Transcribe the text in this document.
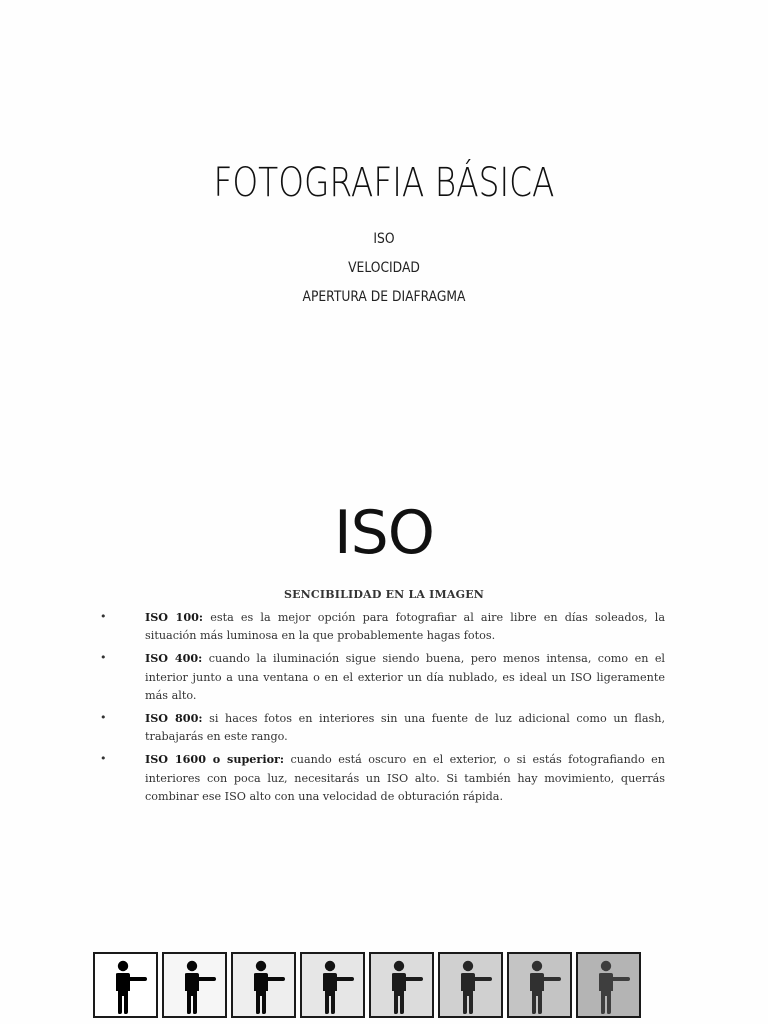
FOTOGRAFIA BÁSICA
ISO
VELOCIDAD
APERTURA DE DIAFRAGMA
ISO
SENCIBILIDAD EN LA IMAGEN
•	ISO 100: esta es la mejor opción para fotografiar al aire libre en días soleados, la situación más luminosa en la que probablemente hagas fotos.
•	ISO 400: cuando la iluminación sigue siendo buena, pero menos intensa, como en el interior junto a una ventana o en el exterior un día nublado, es ideal un ISO ligeramente más alto.
•	ISO 800: si haces fotos en interiores sin una fuente de luz adicional como un flash, trabajarás en este rango.
•	ISO 1600 o superior: cuando está oscuro en el exterior, o si estás fotografiando en interiores con poca luz, necesitarás un ISO alto. Si también hay movimiento, querrás combinar ese ISO alto con una velocidad de obturación rápida.
